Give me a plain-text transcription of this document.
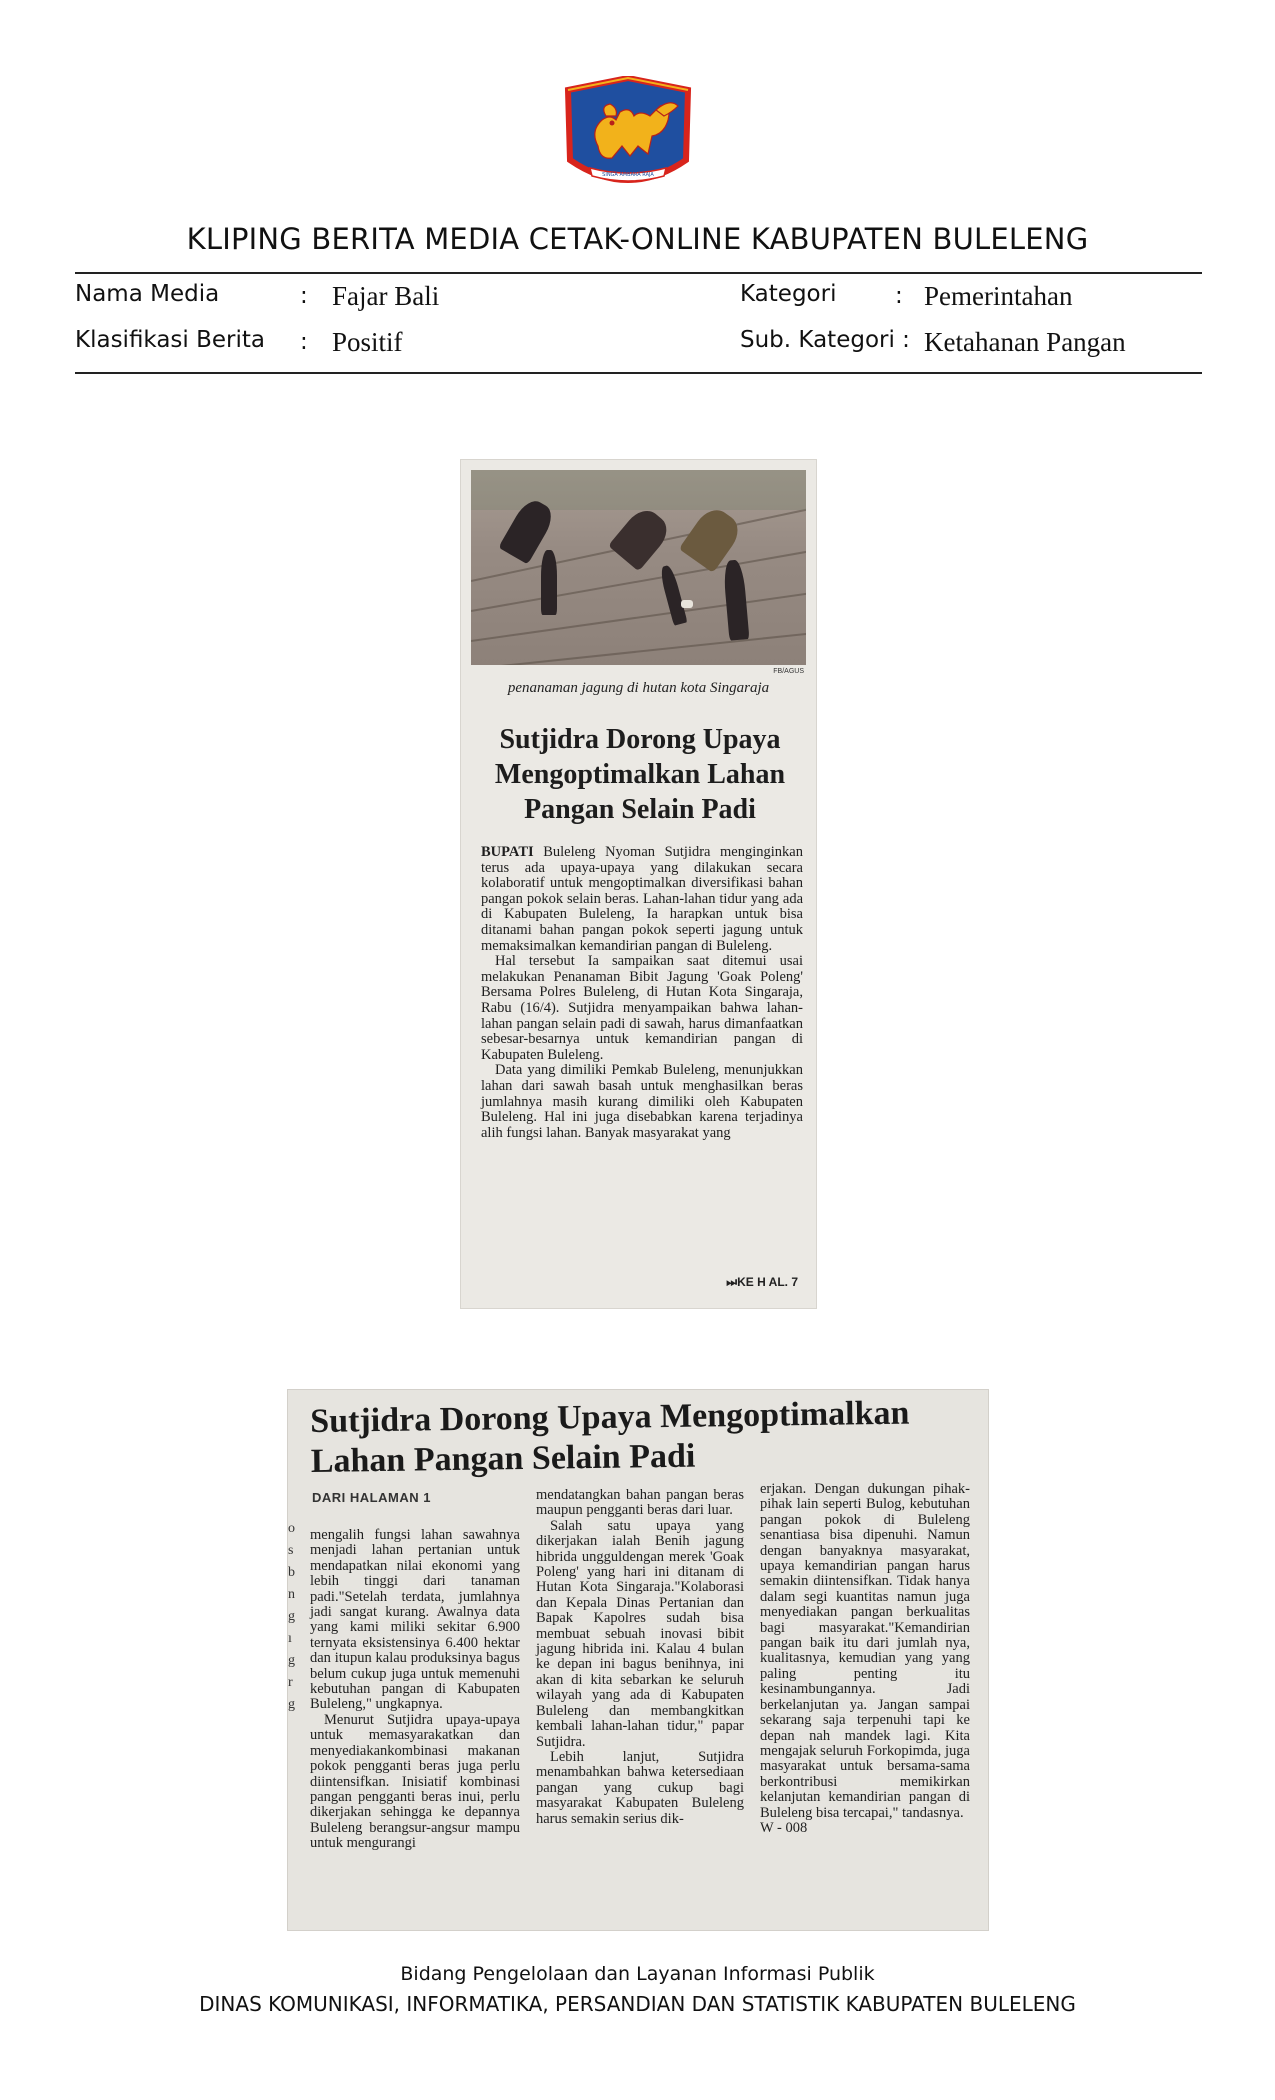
SINGA AMBARA RAJA
KLIPING BERITA MEDIA CETAK-ONLINE KABUPATEN BULELENG
Nama Media	: Fajar Bali	Kategori	: Pemerintahan
Klasifikasi Berita : Positif	Sub. Kategori : Ketahanan Pangan
FB/AGUS
penanaman jagung di hutan kota Singaraja
Sutjidra Dorong Upaya Mengoptimalkan Lahan Pangan Selain Padi

BUPATI Buleleng Nyoman Sutjidra menginginkan terus ada upaya-upaya yang dilakukan secara kolaboratif untuk mengoptimalkan diversifikasi bahan pangan pokok selain beras. Lahan-lahan tidur yang ada di Kabupaten Buleleng, Ia harapkan untuk bisa ditanami bahan pangan pokok seperti jagung untuk memaksimalkan kemandirian pangan di Buleleng.

Hal tersebut Ia sampaikan saat ditemui usai melakukan Penanaman Bibit Jagung 'Goak Poleng' Bersama Polres Buleleng, di Hutan Kota Singaraja, Rabu (16/4). Sutjidra menyampaikan bahwa lahan-lahan pangan selain padi di sawah, harus dimanfaatkan sebesar-besarnya untuk kemandirian pangan di Kabupaten Buleleng.

Data yang dimiliki Pemkab Buleleng, menunjukkan lahan dari sawah basah untuk menghasilkan beras jumlahnya masih kurang dimiliki oleh Kabupaten Buleleng. Hal ini juga disebabkan karena terjadinya alih fungsi lahan. Banyak masyarakat yang

⏭KE H AL. 7
Sutjidra Dorong Upaya Mengoptimalkan Lahan Pangan Selain Padi
DARI HALAMAN 1
o s b n g ı g r g

mengalih fungsi lahan sawahnya menjadi lahan pertanian untuk mendapatkan nilai ekonomi yang lebih tinggi dari tanaman padi."Setelah terdata, jumlahnya jadi sangat kurang. Awalnya data yang kami miliki sekitar 6.900 ternyata eksistensinya 6.400 hektar dan itupun kalau produksinya bagus belum cukup juga untuk memenuhi kebutuhan pangan di Kabupaten Buleleng," ungkapnya.

Menurut Sutjidra upaya-upaya untuk memasyarakatkan dan menyediakankombinasi makanan pokok pengganti beras juga perlu diintensifkan. Inisiatif kombinasi pangan pengganti beras inui, perlu dikerjakan sehingga ke depannya Buleleng berangsur-angsur mampu untuk mengurangi

mendatangkan bahan pangan beras maupun pengganti beras dari luar.

Salah satu upaya yang dikerjakan ialah Benih jagung hibrida ungguldengan merek 'Goak Poleng' yang hari ini ditanam di Hutan Kota Singaraja."Kolaborasi dan Kepala Dinas Pertanian dan Bapak Kapolres sudah bisa membuat sebuah inovasi bibit jagung hibrida ini. Kalau 4 bulan ke depan ini bagus benihnya, ini akan di kita sebarkan ke seluruh wilayah yang ada di Kabupaten Buleleng dan membangkitkan kembali lahan-lahan tidur," papar Sutjidra.

Lebih lanjut, Sutjidra menambahkan bahwa ketersediaan pangan yang cukup bagi masyarakat Kabupaten Buleleng harus semakin serius dik-

erjakan. Dengan dukungan pihak-pihak lain seperti Bulog, kebutuhan pangan pokok di Buleleng senantiasa bisa dipenuhi. Namun dengan banyaknya masyarakat, upaya kemandirian pangan harus semakin diintensifkan. Tidak hanya dalam segi kuantitas namun juga menyediakan pangan berkualitas bagi masyarakat."Kemandirian pangan baik itu dari jumlah nya, kualitasnya, kemudian yang yang paling penting itu kesinambungannya. Jadi berkelanjutan ya. Jangan sampai sekarang saja terpenuhi tapi ke depan nah mandek lagi. Kita mengajak seluruh Forkopimda, juga masyarakat untuk bersama-sama berkontribusi memikirkan kelanjutan kemandirian pangan di Buleleng bisa tercapai," tandasnya.

W - 008

Bidang Pengelolaan dan Layanan Informasi Publik
DINAS KOMUNIKASI, INFORMATIKA, PERSANDIAN DAN STATISTIK KABUPATEN BULELENG
